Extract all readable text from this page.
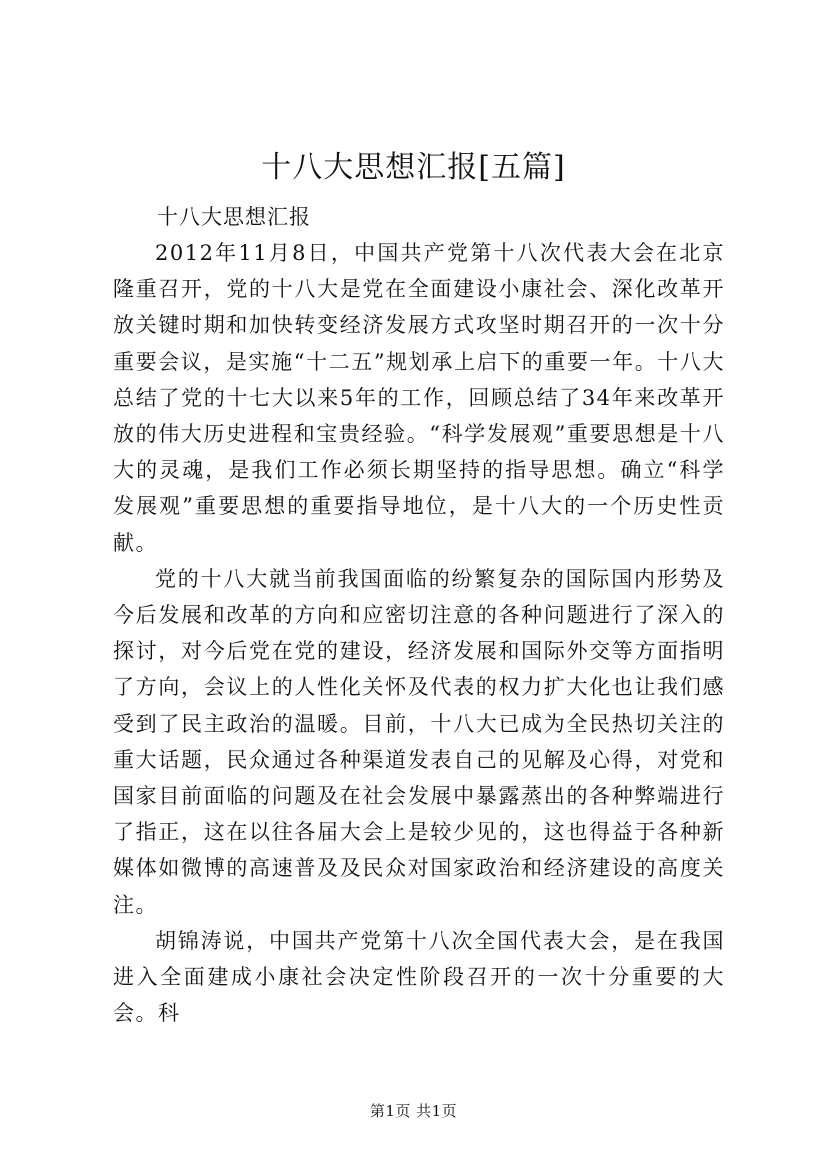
十八大思想汇报[五篇]

十八大思想汇报

2012年11月8日，中国共产党第十八次代表大会在北京隆重召开，党的十八大是党在全面建设小康社会、深化改革开放关键时期和加快转变经济发展方式攻坚时期召开的一次十分重要会议，是实施“十二五”规划承上启下的重要一年。十八大总结了党的十七大以来5年的工作，回顾总结了34年来改革开放的伟大历史进程和宝贵经验。“科学发展观”重要思想是十八大的灵魂，是我们工作必须长期坚持的指导思想。确立“科学发展观”重要思想的重要指导地位，是十八大的一个历史性贡献。

党的十八大就当前我国面临的纷繁复杂的国际国内形势及今后发展和改革的方向和应密切注意的各种问题进行了深入的探讨，对今后党在党的建设，经济发展和国际外交等方面指明了方向，会议上的人性化关怀及代表的权力扩大化也让我们感受到了民主政治的温暖。目前，十八大已成为全民热切关注的重大话题，民众通过各种渠道发表自己的见解及心得，对党和国家目前面临的问题及在社会发展中暴露蒸出的各种弊端进行了指正，这在以往各届大会上是较少见的，这也得益于各种新媒体如微博的高速普及及民众对国家政治和经济建设的高度关注。

胡锦涛说，中国共产党第十八次全国代表大会，是在我国进入全面建成小康社会决定性阶段召开的一次十分重要的大会。科

第1页 共1页
